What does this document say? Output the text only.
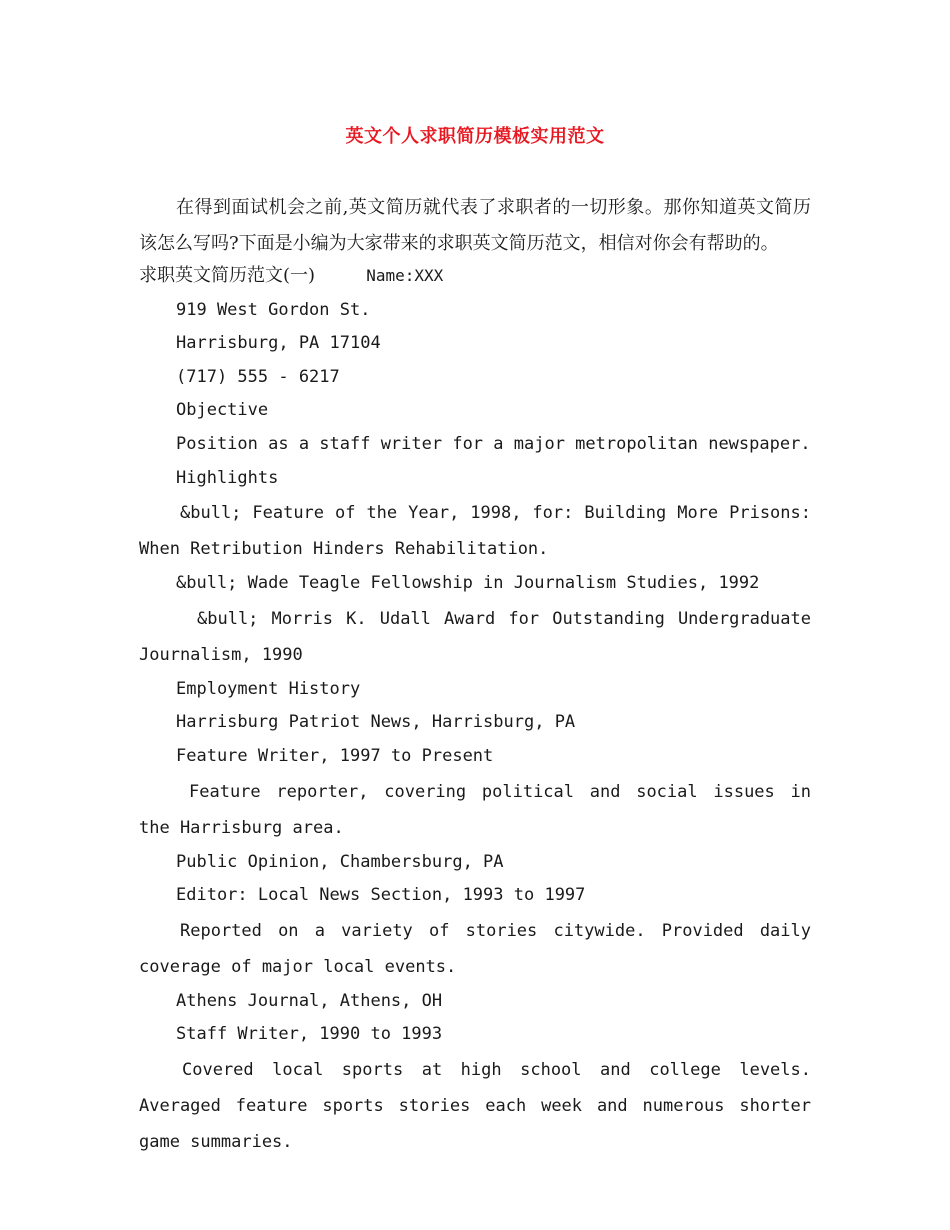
英文个人求职简历模板实用范文

在得到面试机会之前,英文简历就代表了求职者的一切形象。那你知道英文简历该怎么写吗?下面是小编为大家带来的求职英文简历范文，相信对你会有帮助的。

求职英文简历范文(一)	Name:XXX

919 West Gordon St.

Harrisburg, PA 17104

(717) 555 - 6217

Objective

Position as a staff writer for a major metropolitan newspaper.

Highlights

&bull; Feature of the Year, 1998, for: Building More Prisons: When Retribution Hinders Rehabilitation.

&bull; Wade Teagle Fellowship in Journalism Studies, 1992

&bull; Morris K. Udall Award for Outstanding Undergraduate Journalism, 1990

Employment History

Harrisburg Patriot News, Harrisburg, PA

Feature Writer, 1997 to Present

Feature reporter, covering political and social issues in the Harrisburg area.

Public Opinion, Chambersburg, PA

Editor: Local News Section, 1993 to 1997

Reported on a variety of stories citywide. Provided daily coverage of major local events.

Athens Journal, Athens, OH

Staff Writer, 1990 to 1993

Covered local sports at high school and college levels. Averaged feature sports stories each week and numerous shorter game summaries.
